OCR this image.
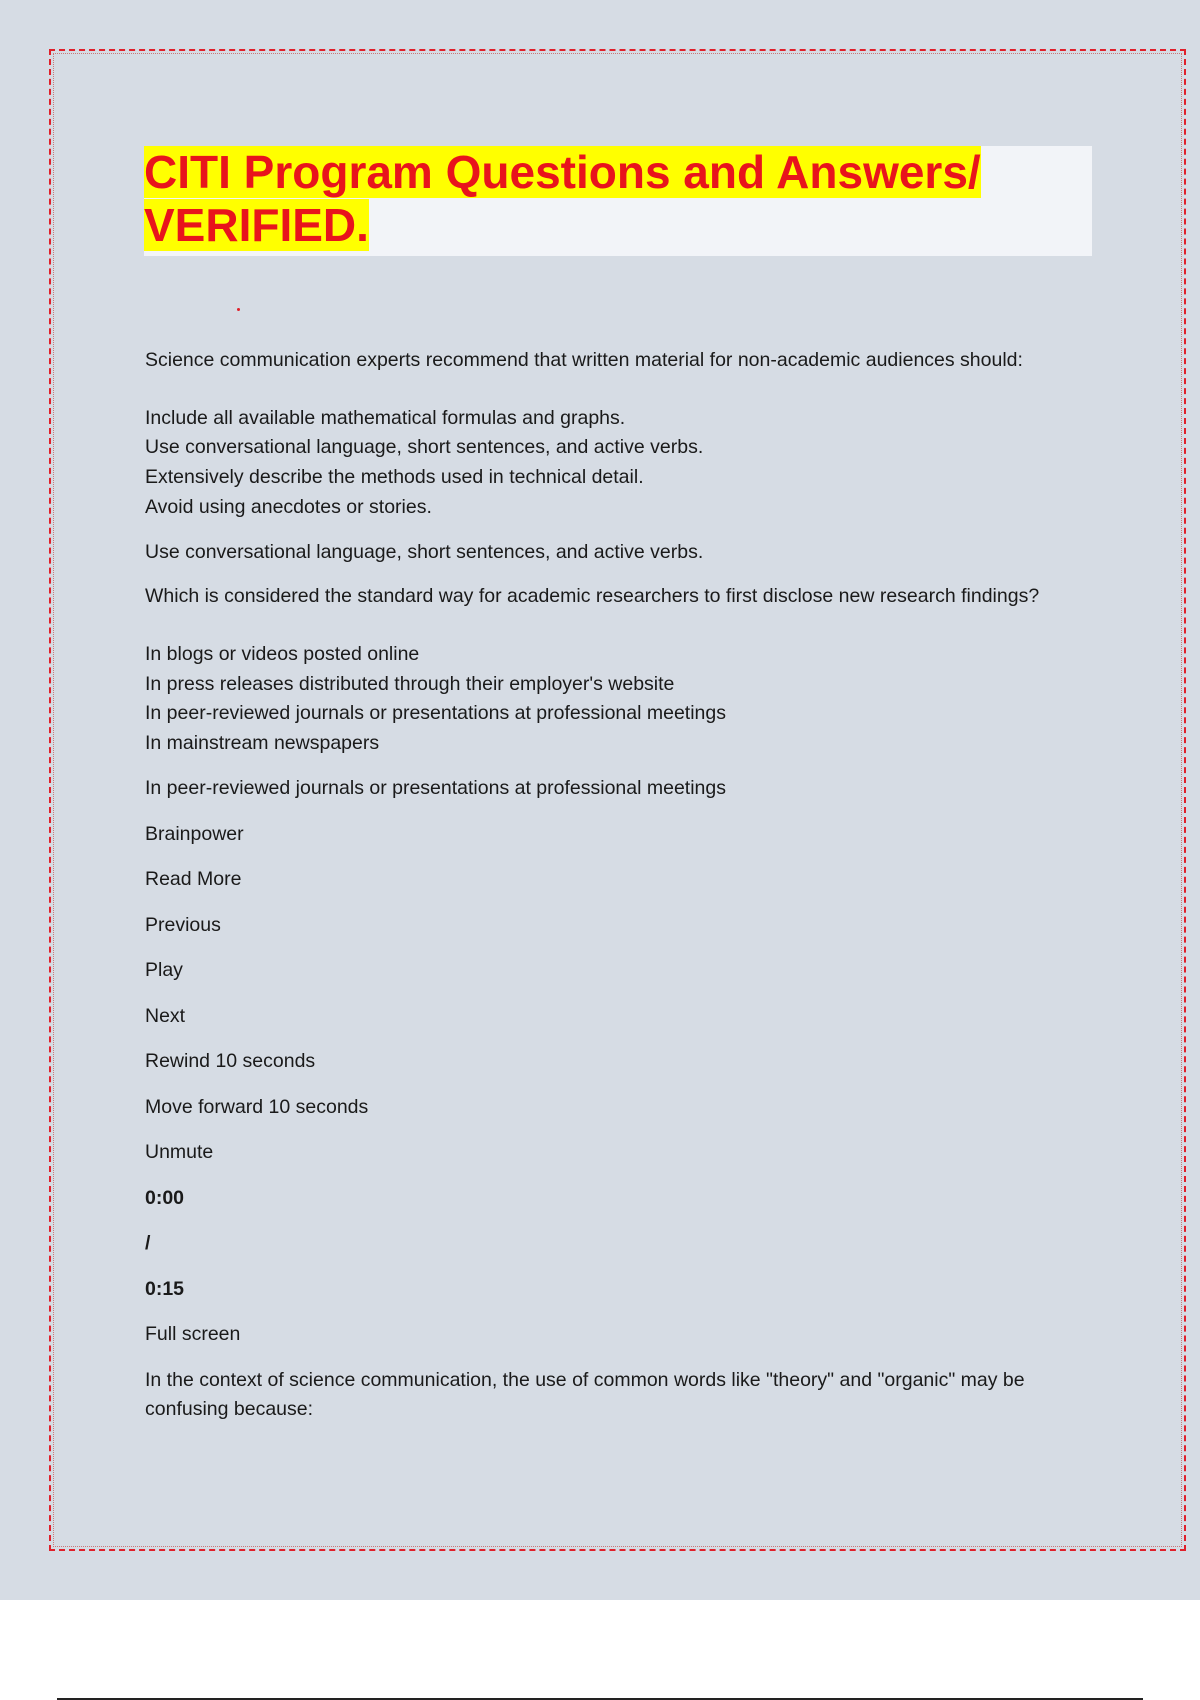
CITI Program Questions and Answers/ VERIFIED.
Science communication experts recommend that written material for non-academic audiences should:
Include all available mathematical formulas and graphs.
Use conversational language, short sentences, and active verbs.
Extensively describe the methods used in technical detail.
Avoid using anecdotes or stories.
Use conversational language, short sentences, and active verbs.
Which is considered the standard way for academic researchers to first disclose new research findings?
In blogs or videos posted online
In press releases distributed through their employer's website
In peer-reviewed journals or presentations at professional meetings
In mainstream newspapers
In peer-reviewed journals or presentations at professional meetings
Brainpower
Read More
Previous
Play
Next
Rewind 10 seconds
Move forward 10 seconds
Unmute
0:00
/
0:15
Full screen
In the context of science communication, the use of common words like "theory" and "organic" may be confusing because:
